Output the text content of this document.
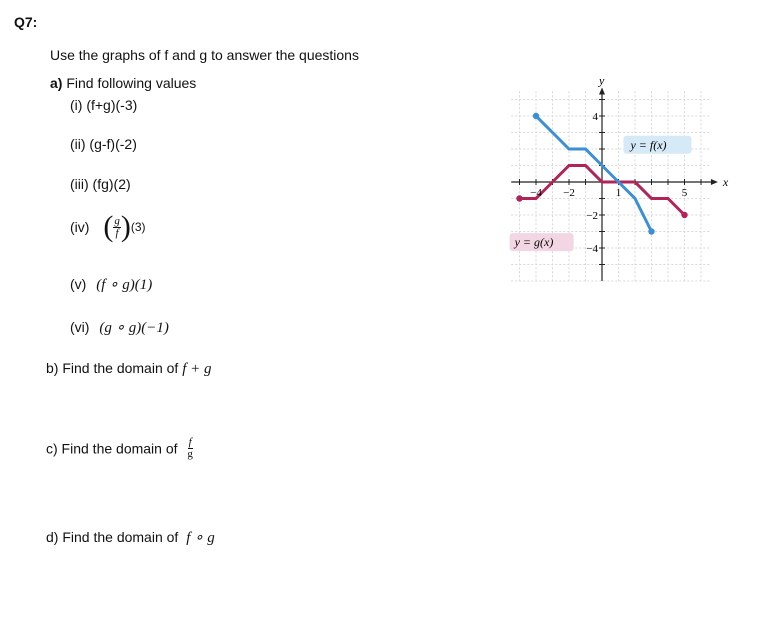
Q7:
Use the graphs of f and g to answer the questions
a) Find following values
(i) (f+g)(-3)
(ii) (g-f)(-2)
(iii) (fg)(2)
(iv) ( $\frac{g}{f} )(3)$
(v) (f ∘ g)(1)
(vi) (g ∘ g)(−1)
b) Find the domain of f + g
c) Find the domain of $\frac{f}{g}$
d) Find the domain of f ∘ g
y
x
−4 −2	1	5
4
−2
−4
y = f(x)
y = g(x)
